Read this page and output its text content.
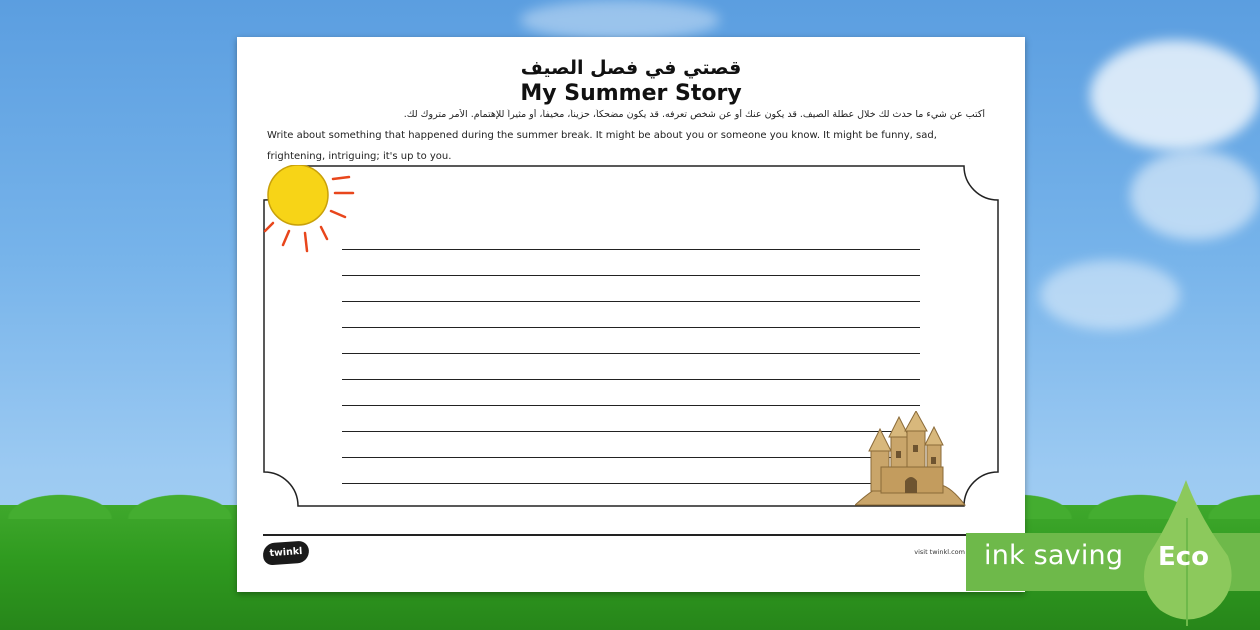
قصتي في فصل الصيف
My Summer Story
أكتب عن شيء ما حدث لك خلال عطلة الصيف. قد يكون عنك أو عن شخص تعرفه. قد يكون مضحكاً، حزيناً، مخيفاً، أو مثيراً للإهتمام. الأمر متروك لك.
Write about something that happened during the summer break. It might be about you or someone you know. It might be funny, sad, frightening, intriguing; it's up to you.
twinkl	visit twinkl.com ink saving Eco
